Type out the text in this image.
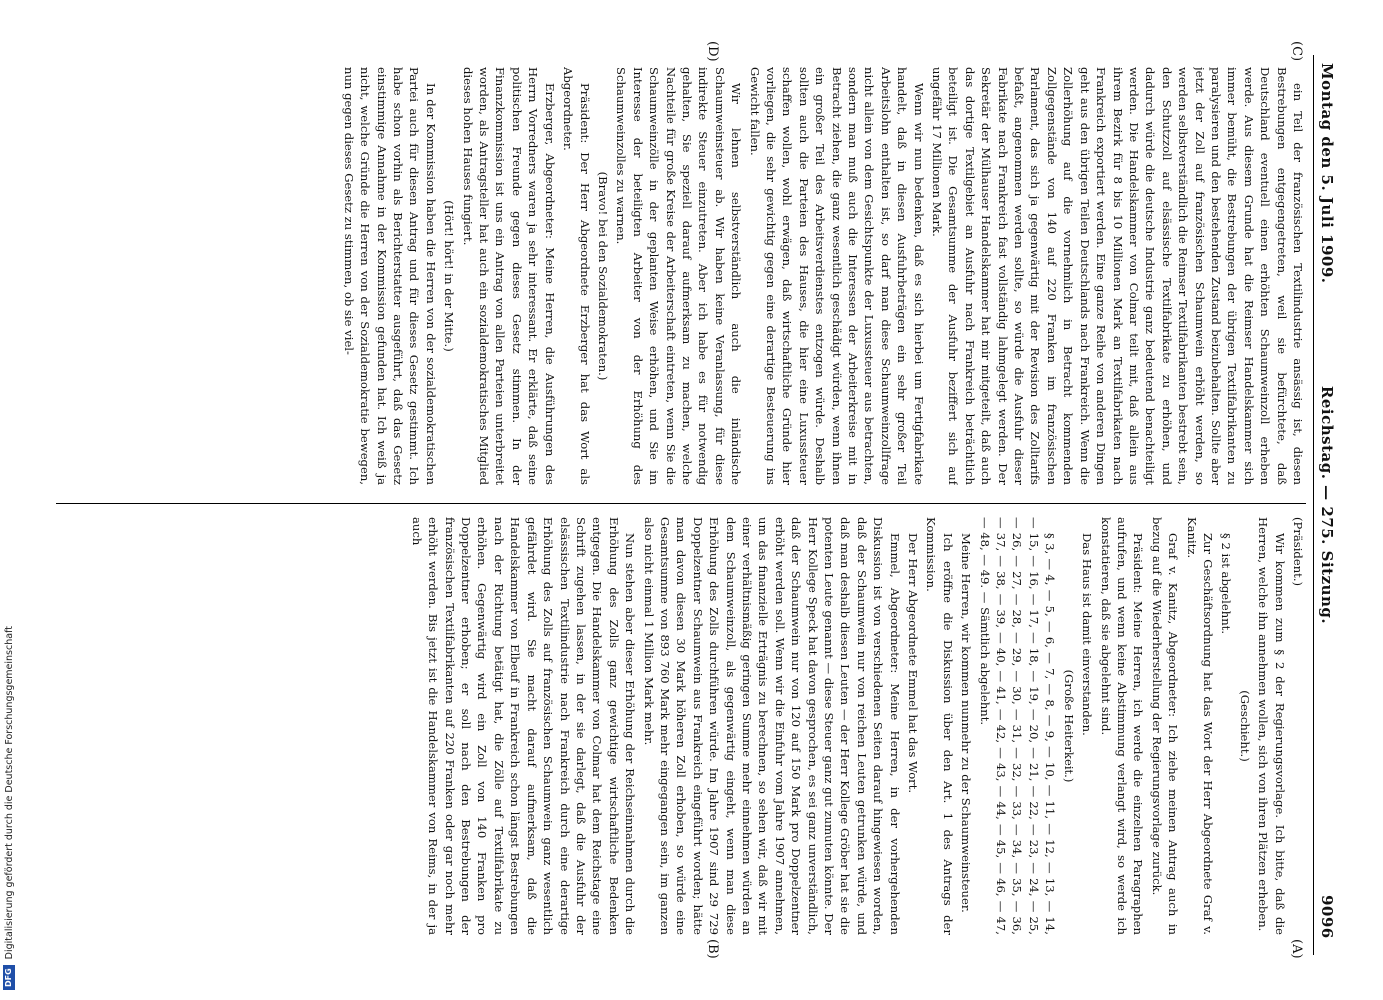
9096
Reichstag. — 275. Sitzung.
Montag den 5. Juli 1909.
(A)
(B)
(C)
(D)

(Präsident.)

Wir kommen zum § 2 der Regierungsvorlage. Ich bitte, daß die Herren, welche ihn annehmen wollen, sich von ihren Plätzen erheben.

(Geschieht.)

§ 2 ist abgelehnt.

Zur Geschäftsordnung hat das Wort der Herr Abgeordnete Graf v. Kanitz.

Graf v. Kanitz, Abgeordneter: Ich ziehe meinen Antrag auch in bezug auf die Wiederherstellung der Regierungsvorlage zurück.

Präsident: Meine Herren, ich werde die einzelnen Paragraphen aufrufen, und wenn keine Abstimmung verlangt wird, so werde ich konstatieren, daß sie abgelehnt sind.

Das Haus ist damit einverstanden.

(Große Heiterkeit.)

§ 3, — 4, — 5, — 6, — 7, — 8, — 9, — 10, — 11, — 12, — 13, — 14, — 15, — 16, — 17, — 18, — 19, — 20, — 21, — 22, — 23, — 24, — 25, — 26, — 27, — 28, — 29, — 30, — 31, — 32, — 33, — 34, — 35, — 36, — 37, — 38, — 39, — 40, — 41, — 42, — 43, — 44, — 45, — 46, — 47, — 48, — 49. — Sämtlich abgelehnt.

Meine Herren, wir kommen nunmehr zu der Schaumweinsteuer.

Ich eröffne die Diskussion über den Art. 1 des Antrags der Kommission.

Der Herr Abgeordnete Emmel hat das Wort.

Emmel, Abgeordneter: Meine Herren, in der vorhergehenden Diskussion ist von verschiedenen Seiten darauf hingewiesen worden, daß der Schaumwein nur von reichen Leuten getrunken würde, und daß man deshalb diesen Leuten — der Herr Kollege Gröber hat sie die potenten Leute genannt — diese Steuer ganz gut zumuten könnte. Der Herr Kollege Speck hat davon gesprochen, es sei ganz unverständlich, daß der Schaumwein nur von 120 auf 150 Mark pro Doppelzentner erhöht werden soll. Wenn wir die Einfuhr vom Jahre 1907 annehmen, um das finanzielle Erträgnis zu berechnen, so sehen wir, daß wir mit einer verhältnismäßig geringen Summe mehr einnehmen würden an dem Schaumweinzoll, als gegenwärtig eingeht, wenn man diese Erhöhung des Zolls durchführen würde. Im Jahre 1907 sind 29 729 Doppelzentner Schaumwein aus Frankreich eingeführt worden; hätte man davon diesen 30 Mark höheren Zoll erhoben, so würde eine Gesamtsumme von 893 760 Mark mehr eingegangen sein, im ganzen also nicht einmal 1 Million Mark mehr.

Nun stehen aber dieser Erhöhung der Reichseinnahmen durch die Erhöhung des Zolls ganz gewichtige wirtschaftliche Bedenken entgegen. Die Handelskammer von Colmar hat dem Reichstage eine Schrift zugehen lassen, in der sie darlegt, daß die Ausfuhr der elsässischen Textilindustrie nach Frankreich durch eine derartige Erhöhung des Zolls auf französischen Schaumwein ganz wesentlich gefährdet wird. Sie macht darauf aufmerksam, daß die Handelskammer von Elbeuf in Frankreich schon längst Bestrebungen nach der Richtung betätigt hat, die Zölle auf Textilfabrikate zu erhöhen. Gegenwärtig wird ein Zoll von 140 Franken pro Doppelzentner erhoben; er soll nach den Bestrebungen der französischen Textilfabrikanten auf 220 Franken oder gar noch mehr erhöht werden. Bis jetzt ist die Handelskammer von Reims, in der ja auch

ein Teil der französischen Textilindustrie ansässig ist, diesen Bestrebungen entgegengetreten, weil sie befürchtete, daß Deutschland eventuell einen erhöhten Schaumweinzoll erheben werde. Aus diesem Grunde hat die Reimser Handelskammer sich immer bemüht, die Bestrebungen der übrigen Textilfabrikanten zu paralysieren und den bestehenden Zustand beizubehalten. Sollte aber jetzt der Zoll auf französischen Schaumwein erhöht werden, so werden selbstverständlich die Reimser Textilfabrikanten bestrebt sein, den Schutzzoll auf elsässische Textilfabrikate zu erhöhen, und dadurch würde die deutsche Industrie ganz bedeutend benachteiligt werden. Die Handelskammer von Colmar teilt mit, daß allein aus ihrem Bezirk für 8 bis 10 Millionen Mark an Textilfabrikaten nach Frankreich exportiert werden. Eine ganze Reihe von anderen Dingen geht aus den übrigen Teilen Deutschlands nach Frankreich. Wenn die Zollerhöhung auf die vornehmlich in Betracht kommenden Zollgegenstände von 140 auf 220 Franken im französischen Parlament, das sich ja gegenwärtig mit der Revision des Zolltarifs befaßt, angenommen werden sollte, so würde die Ausfuhr dieser Fabrikate nach Frankreich fast vollständig lahmgelegt werden. Der Sekretär der Mülhauser Handelskammer hat mir mitgeteilt, daß auch das dortige Textilgebiet an Ausfuhr nach Frankreich beträchtlich beteiligt ist. Die Gesamtsumme der Ausfuhr beziffert sich auf ungefähr 17 Millionen Mark.

Wenn wir nun bedenken, daß es sich hierbei um Fertigfabrikate handelt, daß in diesen Ausfuhrbeträgen ein sehr großer Teil Arbeitslohn enthalten ist, so darf man diese Schaumweinzollfrage nicht allein von dem Gesichtspunkte der Luxussteuer aus betrachten, sondern man muß auch die Interessen der Arbeiterkreise mit in Betracht ziehen, die ganz wesentlich geschädigt würden, wenn ihnen ein großer Teil des Arbeitsverdienstes entzogen würde. Deshalb sollten auch die Parteien des Hauses, die hier eine Luxussteuer schaffen wollen, wohl erwägen, daß wirtschaftliche Gründe hier vorliegen, die sehr gewichtig gegen eine derartige Besteuerung ins Gewicht fallen.

Wir lehnen selbstverständlich auch die inländische Schaumweinsteuer ab. Wir haben keine Veranlassung, für diese indirekte Steuer einzutreten. Aber ich habe es für notwendig gehalten, Sie speziell darauf aufmerksam zu machen, welche Nachteile für große Kreise der Arbeiterschaft eintreten, wenn Sie die Schaumweinzölle in der geplanten Weise erhöhen, und Sie im Interesse der beteiligten Arbeiter von der Erhöhung des Schaumweinzolles zu warnen.

(Bravo! bei den Sozialdemokraten.)

Präsident: Der Herr Abgeordnete Erzberger hat das Wort als Abgeordneter.

Erzberger, Abgeordneter: Meine Herren, die Ausführungen des Herrn Vorredners waren ja sehr interessant. Er erklärte, daß seine politischen Freunde gegen dieses Gesetz stimmen. In der Finanzkommission ist uns ein Antrag von allen Parteien unterbreitet worden, als Antragsteller hat auch ein sozialdemokratisches Mitglied dieses hohen Hauses fungiert.

(Hört! hört! in der Mitte.)

In der Kommission haben die Herren von der sozialdemokratischen Partei auch für diesen Antrag und für dieses Gesetz gestimmt. Ich habe schon vorhin als Berichterstatter ausgeführt, daß das Gesetz einstimmige Annahme in der Kommission gefunden hat. Ich weiß ja nicht, welche Gründe die Herren von der Sozialdemokratie bewegen, nun gegen dieses Gesetz zu stimmen, ob sie viel-

DFG
Digitalisierung gefördert durch die Deutsche Forschungsgemeinschaft
